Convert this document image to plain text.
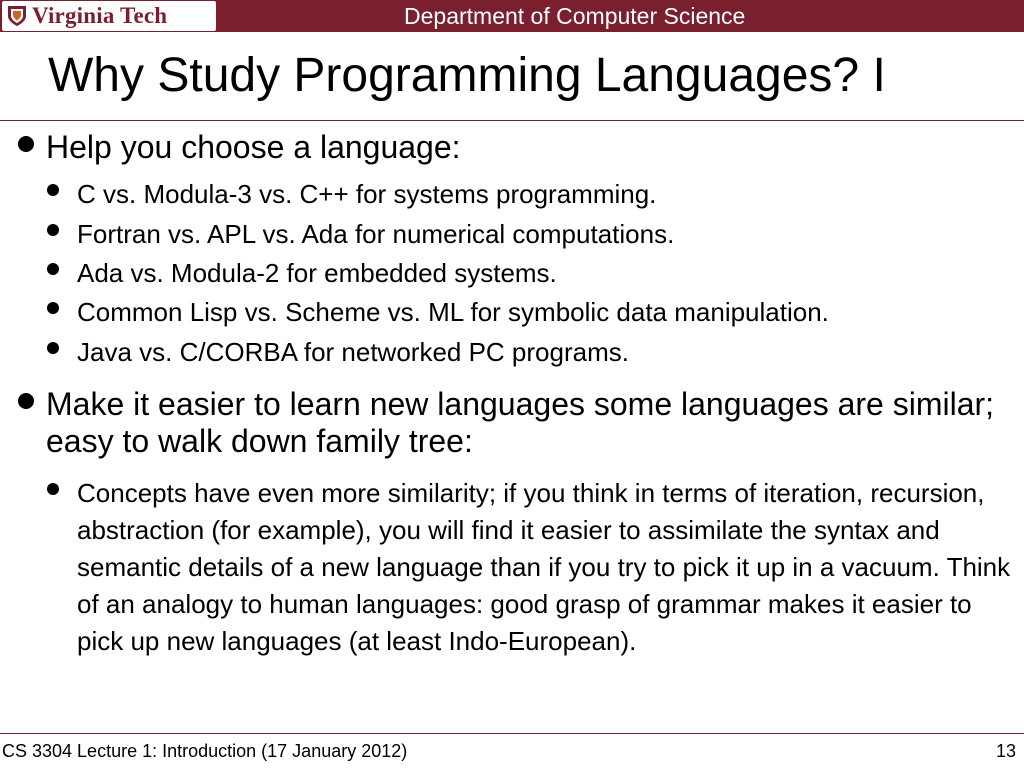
Virginia Tech	Department of Computer Science
Why Study Programming Languages? I

Help you choose a language:

C vs. Modula-3 vs. C++ for systems programming.

Fortran vs. APL vs. Ada for numerical computations.

Ada vs. Modula-2 for embedded systems.

Common Lisp vs. Scheme vs. ML for symbolic data manipulation.

Java vs. C/CORBA for networked PC programs.

Make it easier to learn new languages some languages are similar; easy to walk down family tree:

Concepts have even more similarity; if you think in terms of iteration, recursion, abstraction (for example), you will find it easier to assimilate the syntax and semantic details of a new language than if you try to pick it up in a vacuum. Think of an analogy to human languages: good grasp of grammar makes it easier to pick up new languages (at least Indo-European).

CS 3304 Lecture 1: Introduction (17 January 2012)	13
